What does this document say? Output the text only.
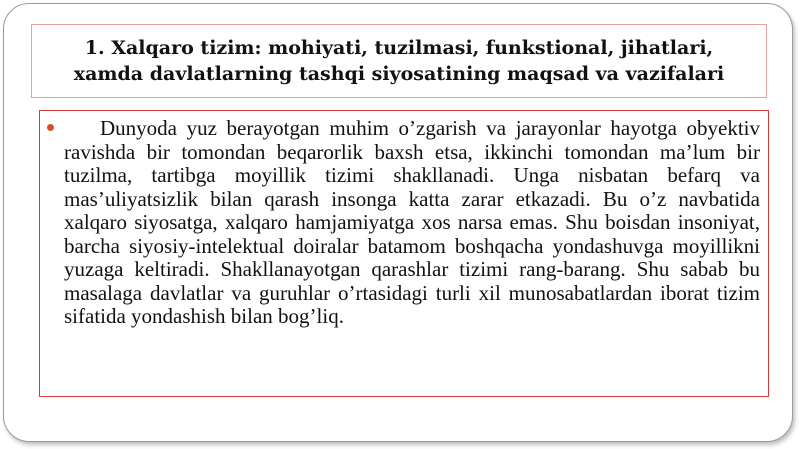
1. Xalqaro tizim: mohiyati, tuzilmasi, funkstional, jihatlari,
xamda davlatlarning tashqi siyosatining maqsad va vazifalari

Dunyoda yuz berayotgan muhim o’zgarish va jarayonlar hayotga obyektiv ravishda bir tomondan beqarorlik baxsh etsa, ikkinchi tomondan ma’lum bir tuzilma, tartibga moyillik tizimi shakllanadi. Unga nisbatan befarq va mas’uliyatsizlik bilan qarash insonga katta zarar etkazadi. Bu o’z navbatida xalqaro siyosatga, xalqaro hamjamiyatga xos narsa emas. Shu boisdan insoniyat, barcha siyosiy-intelektual doiralar batamom boshqacha yondashuvga moyillikni yuzaga keltiradi. Shakllanayotgan qarashlar tizimi rang-barang. Shu sabab bu masalaga davlatlar va guruhlar o’rtasidagi turli xil munosabatlardan iborat tizim sifatida yondashish bilan bog’liq.
